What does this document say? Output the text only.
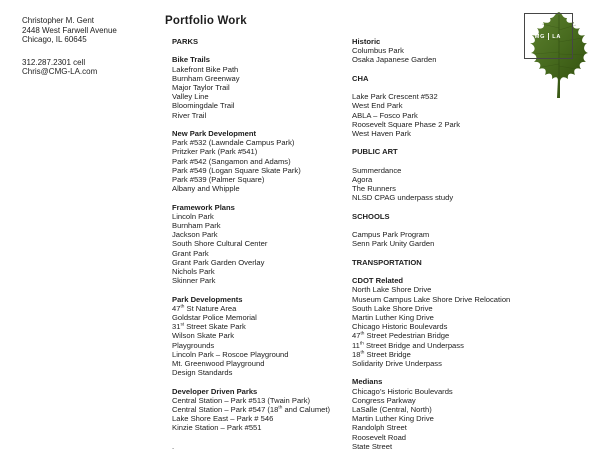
Christopher M. Gent
2448 West Farwell Avenue
Chicago, IL 60645
312.287.2301 cell
Chris@CMG-LA.com
Portfolio Work
PARKS
Bike Trails
Lakefront Bike Path
Burnham Greenway
Major Taylor Trail
Valley Line
Bloomingdale Trail
River Trail
New Park Development
Park #532 (Lawndale Campus Park)
Pritzker Park (Park #541)
Park #542 (Sangamon and Adams)
Park #549 (Logan Square Skate Park)
Park #539 (Palmer Square)
Albany and Whipple
Framework Plans
Lincoln Park
Burnham Park
Jackson Park
South Shore Cultural Center
Grant Park
Grant Park Garden Overlay
Nichols Park
Skinner Park
Park Developments
47th St Nature Area
Goldstar Police Memorial
31st Street Skate Park
Wilson Skate Park
Playgrounds
Lincoln Park – Roscoe Playground
Mt. Greenwood Playground
Design Standards
Developer Driven Parks
Central Station – Park #513 (Twain Park)
Central Station – Park #547 (18th and Calumet)
Lake Shore East – Park # 546
Kinzie Station – Park #551
.
Historic
Columbus Park
Osaka Japanese Garden
CHA
Lake Park Crescent #532
West End Park
ABLA – Fosco Park
Roosevelt Square Phase 2 Park
West Haven Park
PUBLIC ART
Summerdance
Agora
The Runners
NLSD CPAG underpass study
SCHOOLS
Campus Park Program
Senn Park Unity Garden
TRANSPORTATION
CDOT Related
North Lake Shore Drive
Museum Campus Lake Shore Drive Relocation
South Lake Shore Drive
Martin Luther King Drive
Chicago Historic Boulevards
47th Street Pedestrian Bridge
11th Street Bridge and Underpass
18th Street Bridge
Solidarity Drive Underpass
Medians
Chicago’s Historic Boulevards
Congress Parkway
LaSalle (Central, North)
Martin Luther King Drive
Randolph Street
Roosevelt Road
State Street
CMG LA
